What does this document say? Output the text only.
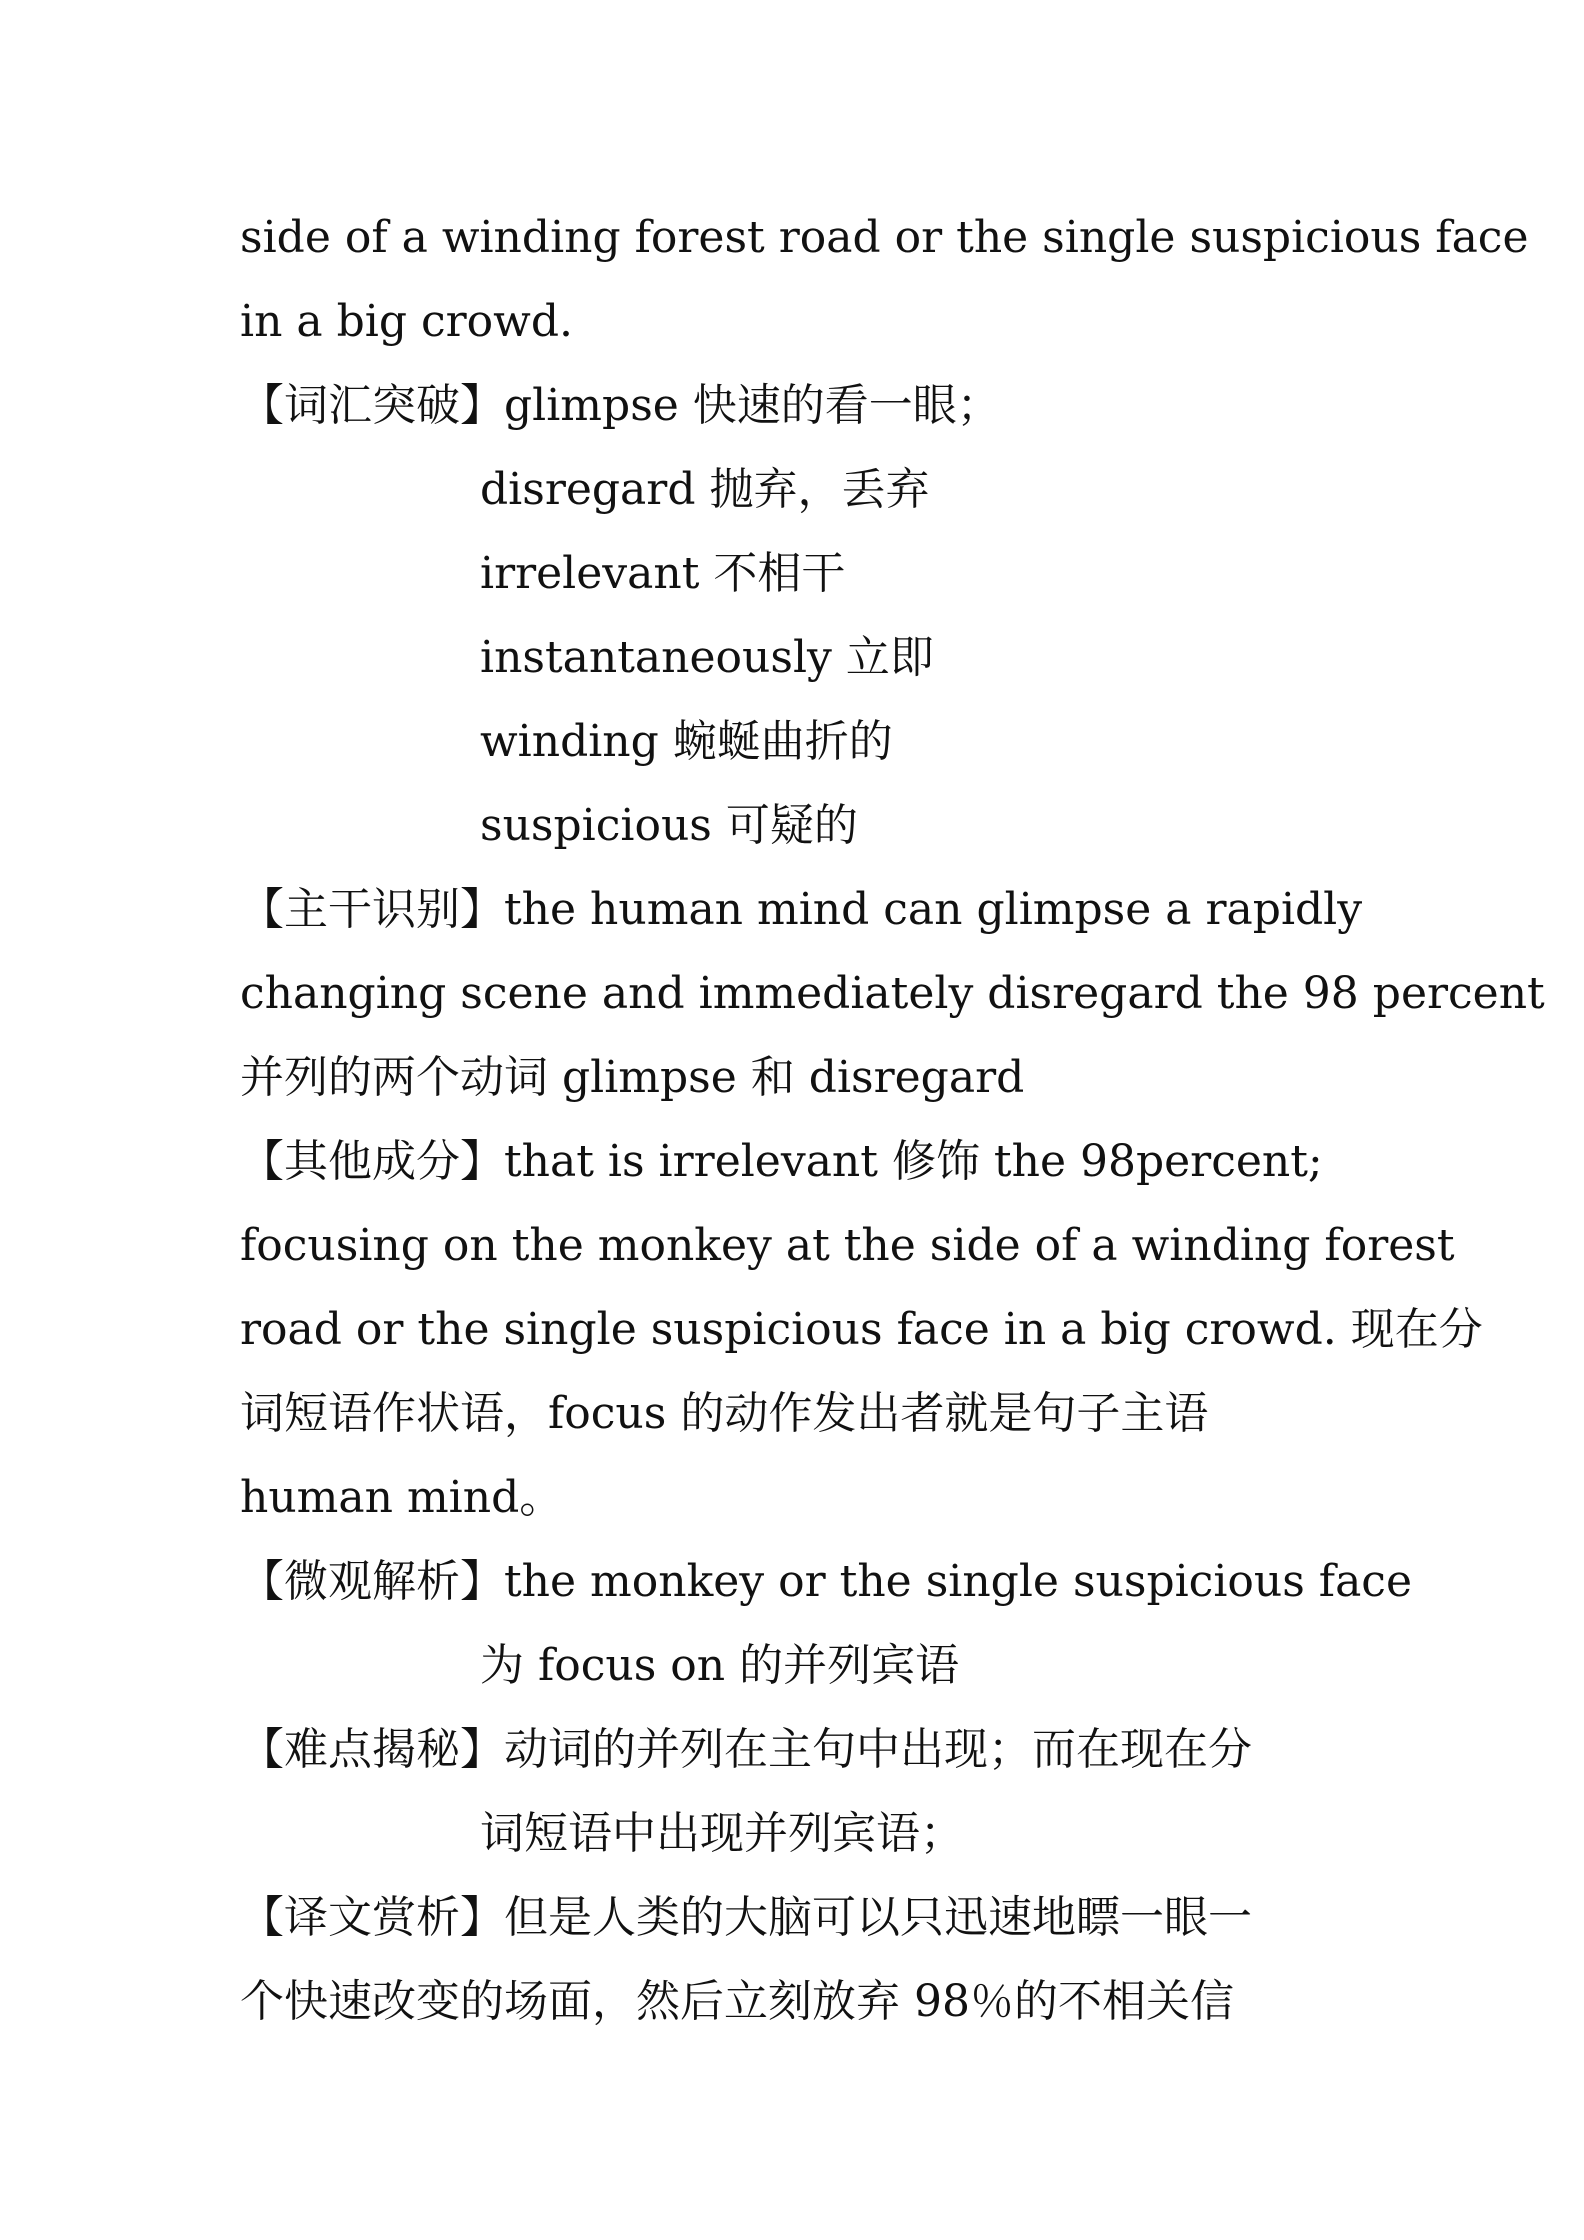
side of a winding forest road or the single suspicious face
in a big crowd.
【词汇突破】glimpse 快速的看一眼；
disregard 抛弃，丢弃
irrelevant 不相干
instantaneously 立即
winding 蜿蜒曲折的
suspicious 可疑的
【主干识别】the human mind can glimpse a rapidly
changing scene and immediately disregard the 98 percent
并列的两个动词 glimpse 和 disregard
【其他成分】that is irrelevant 修饰 the 98percent;
focusing on the monkey at the side of a winding forest
road or the single suspicious face in a big crowd. 现在分
词短语作状语，focus 的动作发出者就是句子主语
human mind。
【微观解析】the monkey or the single suspicious face
为 focus on 的并列宾语
【难点揭秘】动词的并列在主句中出现；而在现在分
词短语中出现并列宾语；
【译文赏析】但是人类的大脑可以只迅速地瞟一眼一
个快速改变的场面，然后立刻放弃 98％的不相关信
